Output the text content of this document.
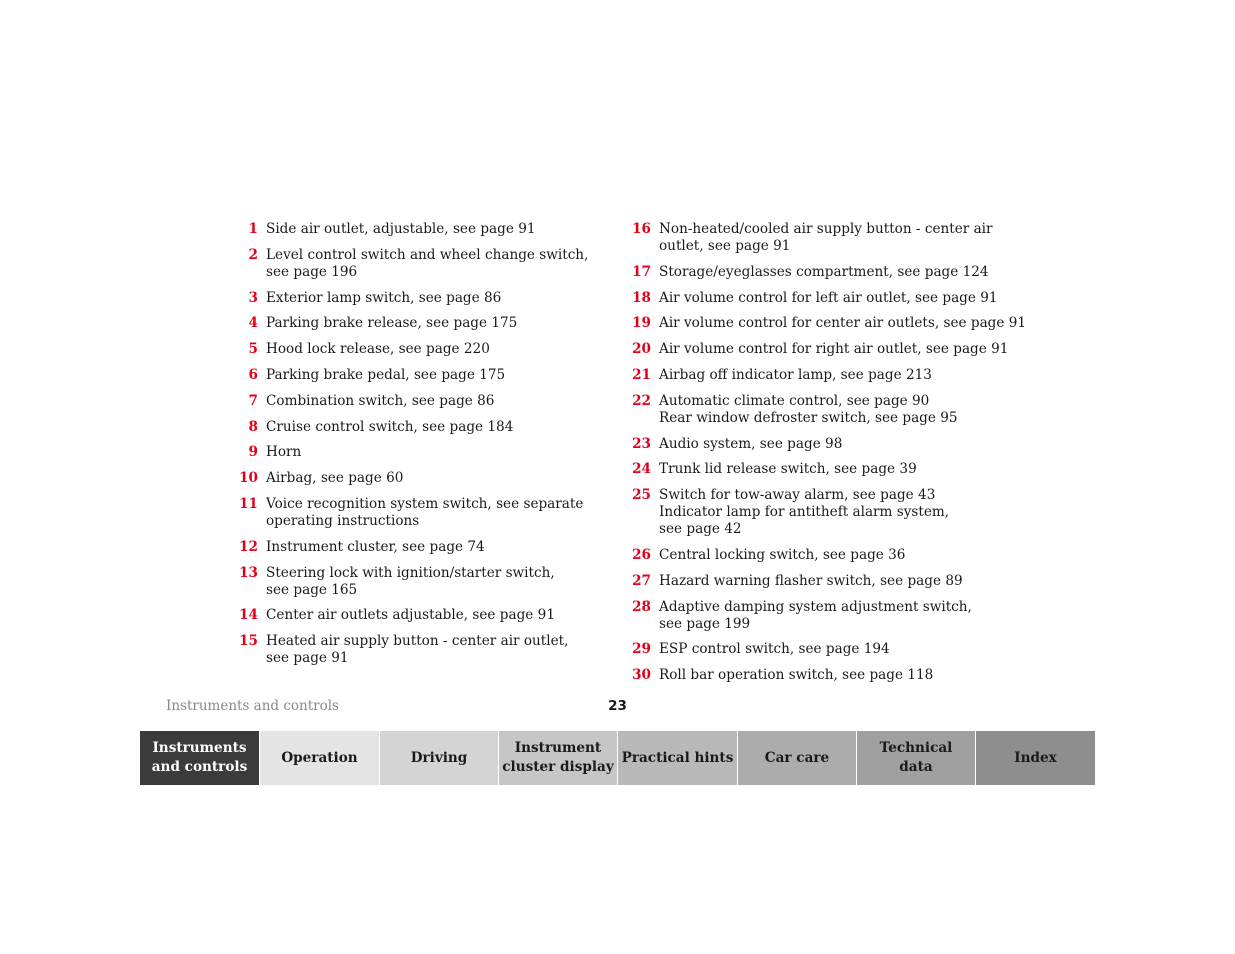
1 Side air outlet, adjustable, see page 91
2 Level control switch and wheel change switch,
see page 196
3 Exterior lamp switch, see page 86
4 Parking brake release, see page 175
5 Hood lock release, see page 220
6 Parking brake pedal, see page 175
7 Combination switch, see page 86
8 Cruise control switch, see page 184
9 Horn
10 Airbag, see page 60
11 Voice recognition system switch, see separate
operating instructions
12 Instrument cluster, see page 74
13 Steering lock with ignition/starter switch,
see page 165
14 Center air outlets adjustable, see page 91
15 Heated air supply button - center air outlet,
see page 91
16 Non-heated/cooled air supply button - center air
outlet, see page 91
17 Storage/eyeglasses compartment, see page 124
18 Air volume control for left air outlet, see page 91
19 Air volume control for center air outlets, see page 91
20 Air volume control for right air outlet, see page 91
21 Airbag off indicator lamp, see page 213
22 Automatic climate control, see page 90
Rear window defroster switch, see page 95
23 Audio system, see page 98
24 Trunk lid release switch, see page 39
25 Switch for tow-away alarm, see page 43
Indicator lamp for antitheft alarm system,
see page 42
26 Central locking switch, see page 36
27 Hazard warning flasher switch, see page 89
28 Adaptive damping system adjustment switch,
see page 199
29 ESP control switch, see page 194
30 Roll bar operation switch, see page 118
Instruments and controls	23
Instruments
and controls
Operation	Driving
Instrument
cluster display
Practical hints	Car care
Technical
data
Index
